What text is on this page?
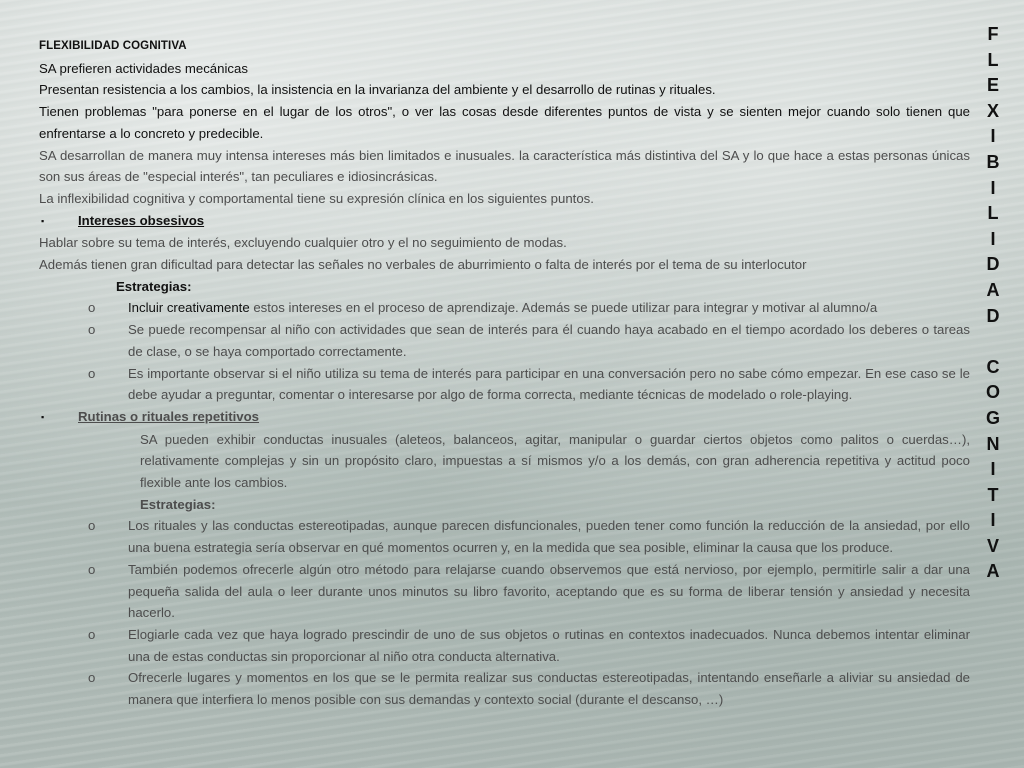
FLEXIBILIDAD COGNITIVA

SA prefieren actividades mecánicas

Presentan resistencia a los cambios, la insistencia en la invarianza del ambiente y el desarrollo de rutinas y rituales.

Tienen problemas "para ponerse en el lugar de los otros", o ver las cosas desde diferentes puntos de vista y se sienten mejor cuando solo tienen que enfrentarse a lo concreto y predecible.

SA desarrollan de manera muy intensa intereses más bien limitados e inusuales. la característica más distintiva del SA y lo que hace a estas personas únicas son sus áreas de "especial interés", tan peculiares e idiosincrásicas.

La inflexibilidad cognitiva y comportamental tiene su expresión clínica en los siguientes puntos.

▪	Intereses obsesivos

Hablar sobre su tema de interés, excluyendo cualquier otro y el no seguimiento de modas.

Además tienen gran dificultad para detectar las señales no verbales de aburrimiento o falta de interés por el tema de su interlocutor

Estrategias:

o	Incluir creativamente estos intereses en el proceso de aprendizaje. Además se puede utilizar para integrar y motivar al alumno/a
o	Se puede recompensar al niño con actividades que sean de interés para él cuando haya acabado en el tiempo acordado los deberes o tareas de clase, o se haya comportado correctamente.
o	Es importante observar si el niño utiliza su tema de interés para participar en una conversación pero no sabe cómo empezar. En ese caso se le debe ayudar a preguntar, comentar o interesarse por algo de forma correcta, mediante técnicas de modelado o role-playing.
▪	Rutinas o rituales repetitivos

SA pueden exhibir conductas inusuales (aleteos, balanceos, agitar, manipular o guardar ciertos objetos como palitos o cuerdas…), relativamente complejas y sin un propósito claro, impuestas a sí mismos y/o a los demás, con gran adherencia repetitiva y actitud poco flexible ante los cambios.

Estrategias:

o	Los rituales y las conductas estereotipadas, aunque parecen disfuncionales, pueden tener como función la reducción de la ansiedad, por ello una buena estrategia sería observar en qué momentos ocurren y, en la medida que sea posible, eliminar la causa que los produce.
o	También podemos ofrecerle algún otro método para relajarse cuando observemos que está nervioso, por ejemplo, permitirle salir a dar una pequeña salida del aula o leer durante unos minutos su libro favorito, aceptando que es su forma de liberar tensión y ansiedad y necesita hacerlo.
o	Elogiarle cada vez que haya logrado prescindir de uno de sus objetos o rutinas en contextos inadecuados. Nunca debemos intentar eliminar una de estas conductas sin proporcionar al niño otra conducta alternativa.
o	Ofrecerle lugares y momentos en los que se le permita realizar sus conductas estereotipadas, intentando enseñarle a aliviar su ansiedad de manera que interfiera lo menos posible con sus demandas y contexto social (durante el descanso, …)
F
L
E
X
I
B
I
L
I
D
A
D
C
O
G
N
I
T
I
V
A
